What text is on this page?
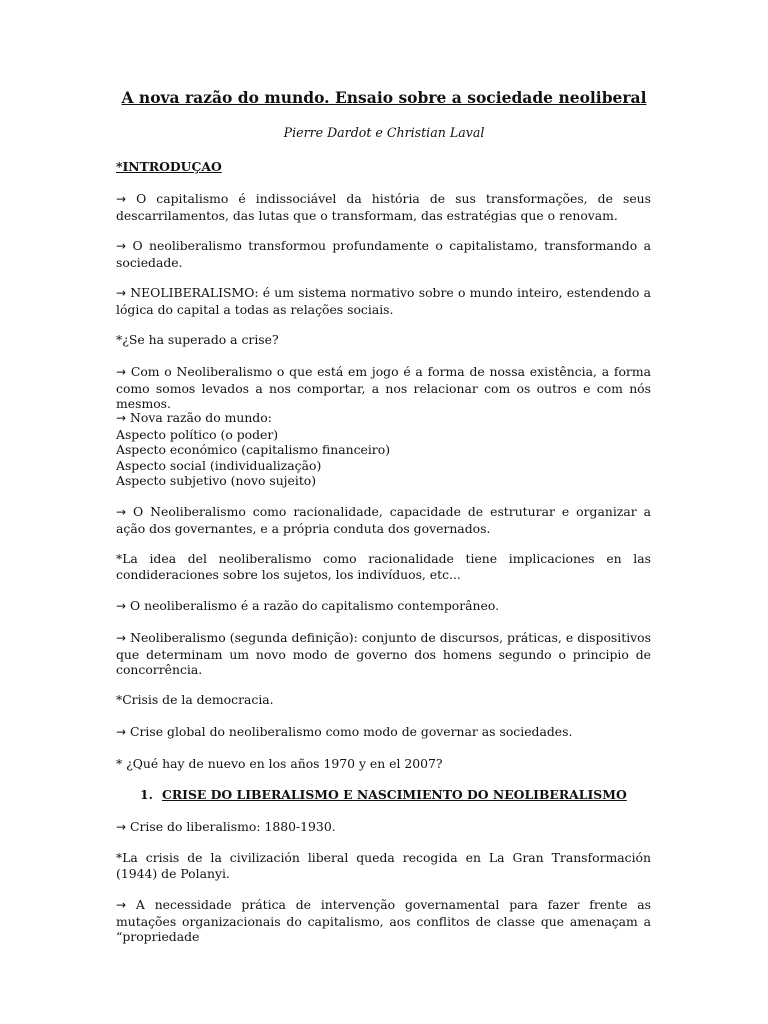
A nova razão do mundo. Ensaio sobre a sociedade neoliberal

Pierre Dardot e Christian Laval

*INTRODUÇAO

→ O capitalismo é indissociável da história de sus transformações, de seus descarrilamentos, das lutas que o transformam, das estratégias que o renovam.

→ O neoliberalismo transformou profundamente o capitalistamo, transformando a sociedade.

→ NEOLIBERALISMO: é um sistema normativo sobre o mundo inteiro, estendendo a lógica do capital a todas as relações sociais.

*¿Se ha superado a crise?

→ Com o Neoliberalismo o que está em jogo é a forma de nossa existência, a forma como somos levados a nos comportar, a nos relacionar com os outros e com nós mesmos.

→ Nova razão do mundo:
Aspecto político (o poder)
Aspecto económico (capitalismo financeiro)
Aspecto social (individualização)
Aspecto subjetivo (novo sujeito)

→ O Neoliberalismo como racionalidade, capacidade de estruturar e organizar a ação dos governantes, e a própria conduta dos governados.

*La idea del neoliberalismo como racionalidade tiene implicaciones en las condideraciones sobre los sujetos, los indivíduos, etc...

→ O neoliberalismo é a razão do capitalismo contemporâneo.

→ Neoliberalismo (segunda definição): conjunto de discursos, práticas, e dispositivos que determinam um novo modo de governo dos homens segundo o principio de concorrência.

*Crisis de la democracia.

→ Crise global do neoliberalismo como modo de governar as sociedades.

* ¿Qué hay de nuevo en los años 1970 y en el 2007?

1. CRISE DO LIBERALISMO E NASCIMIENTO DO NEOLIBERALISMO

→ Crise do liberalismo: 1880-1930.

*La crisis de la civilización liberal queda recogida en La Gran Transformación (1944) de Polanyi.

→ A necessidade prática de intervenção governamental para fazer frente as mutações organizacionais do capitalismo, aos conflitos de classe que amenaçam a “propriedade
